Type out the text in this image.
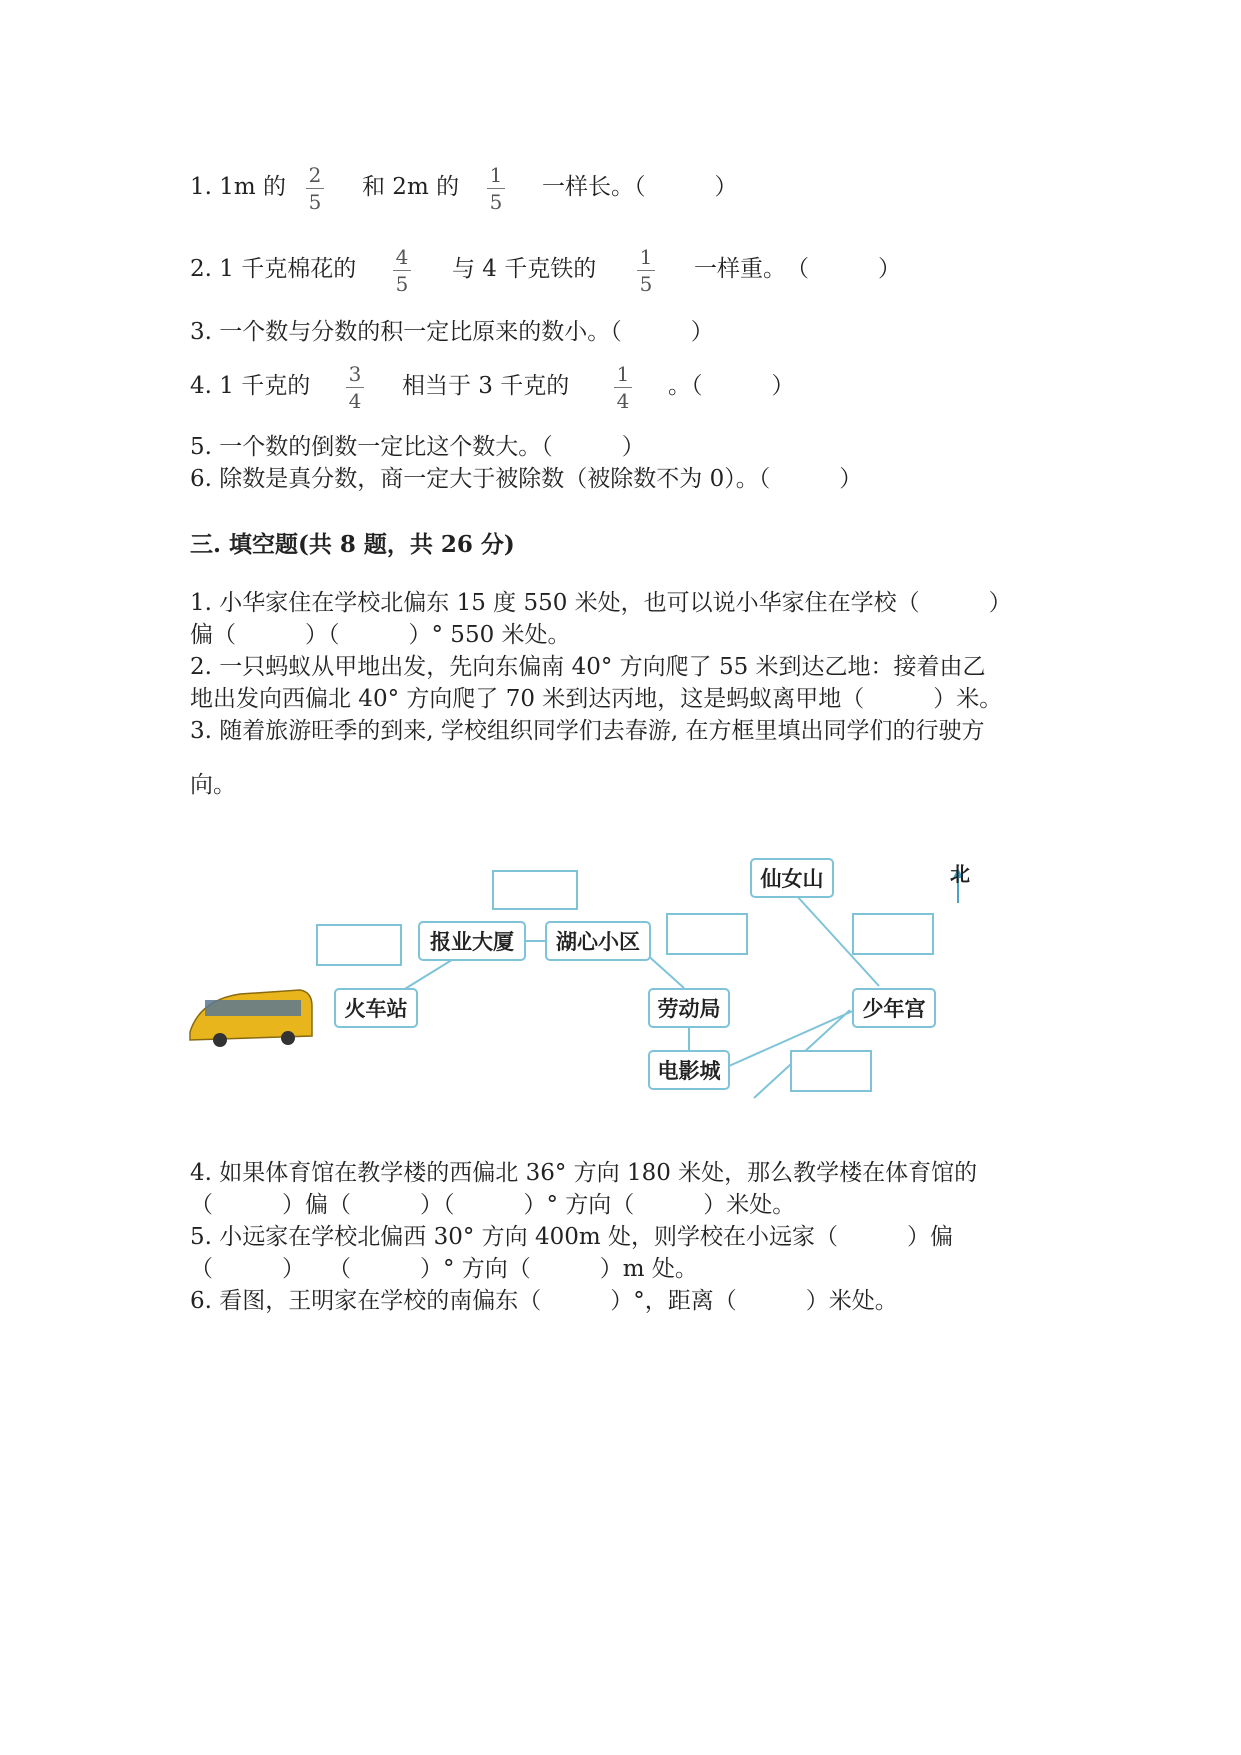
1. 1m 的 2
5
和 2m 的 1
5
一样长。（　　　）
2. 1 千克棉花的 4
5
与 4 千克铁的 1
5
一样重。　（　　　）
3. 一个数与分数的积一定比原来的数小。（　　　）
4. 1 千克的 3
4
相当于 3 千克的 1
4
。（　　　）
5. 一个数的倒数一定比这个数大。（　　　）
6. 除数是真分数，商一定大于被除数（被除数不为 0）。（　　　）
三. 填空题(共 8 题，共 26 分)
1. 小华家住在学校北偏东 15 度 550 米处，也可以说小华家住在学校（　　　）
偏（　　　）（　　　）° 550 米处。
2. 一只蚂蚁从甲地出发，先向东偏南 40° 方向爬了 55 米到达乙地：接着由乙
地出发向西偏北 40° 方向爬了 70 米到达丙地，这是蚂蚁离甲地（　　　）米。
3. 随着旅游旺季的到来, 学校组织同学们去春游, 在方框里填出同学们的行驶方
向。
北
仙女山
报业大厦	湖心小区
火车站	劳动局	少年宫
电影城
4. 如果体育馆在教学楼的西偏北 36° 方向 180 米处，那么教学楼在体育馆的
（　　　）偏（　　　）（　　　）° 方向（　　　）米处。
5. 小远家在学校北偏西 30° 方向 400m 处，则学校在小远家（　　　）偏
（　　　）　　（　　　）° 方向（　　　）m 处。
6. 看图，王明家在学校的南偏东（　　　）°，距离（　　　）米处。
